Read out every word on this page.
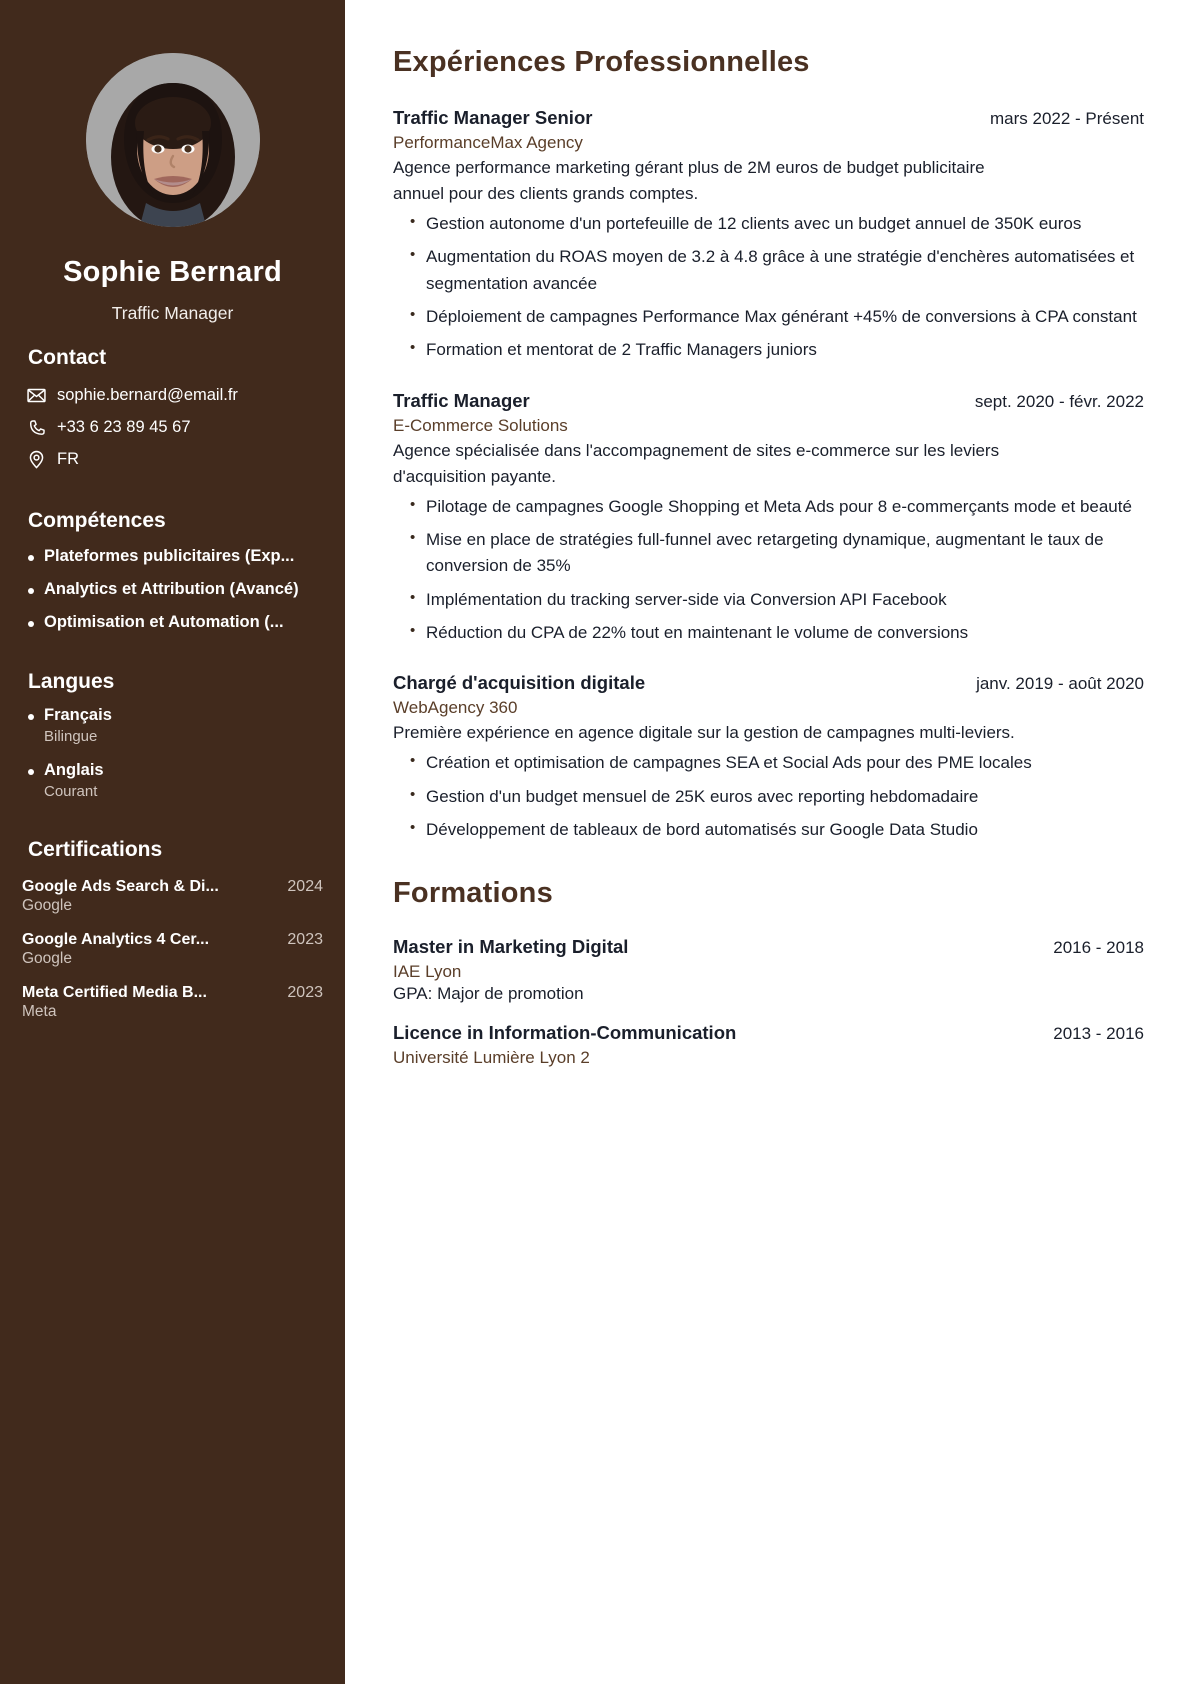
Sophie Bernard
Traffic Manager
Contact
sophie.bernard@email.fr
+33 6 23 89 45 67
FR
Compétences
Plateformes publicitaires (Exp...
Analytics et Attribution (Avancé)
Optimisation et Automation (...
Langues
Français
Bilingue
Anglais
Courant
Certifications
Google Ads Search & Di...	2024
Google
Google Analytics 4 Cer...	2023
Google
Meta Certified Media B...	2023
Meta
Expériences Professionnelles
Traffic Manager Senior	mars 2022 - Présent
PerformanceMax Agency
Agence performance marketing gérant plus de 2M euros de budget publicitaire annuel pour des clients grands comptes.
• Gestion autonome d'un portefeuille de 12 clients avec un budget annuel de 350K euros
• Augmentation du ROAS moyen de 3.2 à 4.8 grâce à une stratégie d'enchères automatisées et segmentation avancée
• Déploiement de campagnes Performance Max générant +45% de conversions à CPA constant
• Formation et mentorat de 2 Traffic Managers juniors
Traffic Manager	sept. 2020 - févr. 2022
E-Commerce Solutions
Agence spécialisée dans l'accompagnement de sites e-commerce sur les leviers d'acquisition payante.
• Pilotage de campagnes Google Shopping et Meta Ads pour 8 e-commerçants mode et beauté
• Mise en place de stratégies full-funnel avec retargeting dynamique, augmentant le taux de conversion de 35%
• Implémentation du tracking server-side via Conversion API Facebook
• Réduction du CPA de 22% tout en maintenant le volume de conversions
Chargé d'acquisition digitale	janv. 2019 - août 2020
WebAgency 360
Première expérience en agence digitale sur la gestion de campagnes multi-leviers.
• Création et optimisation de campagnes SEA et Social Ads pour des PME locales
• Gestion d'un budget mensuel de 25K euros avec reporting hebdomadaire
• Développement de tableaux de bord automatisés sur Google Data Studio
Formations
Master in Marketing Digital	2016 - 2018
IAE Lyon
GPA: Major de promotion
Licence in Information-Communication	2013 - 2016
Université Lumière Lyon 2
